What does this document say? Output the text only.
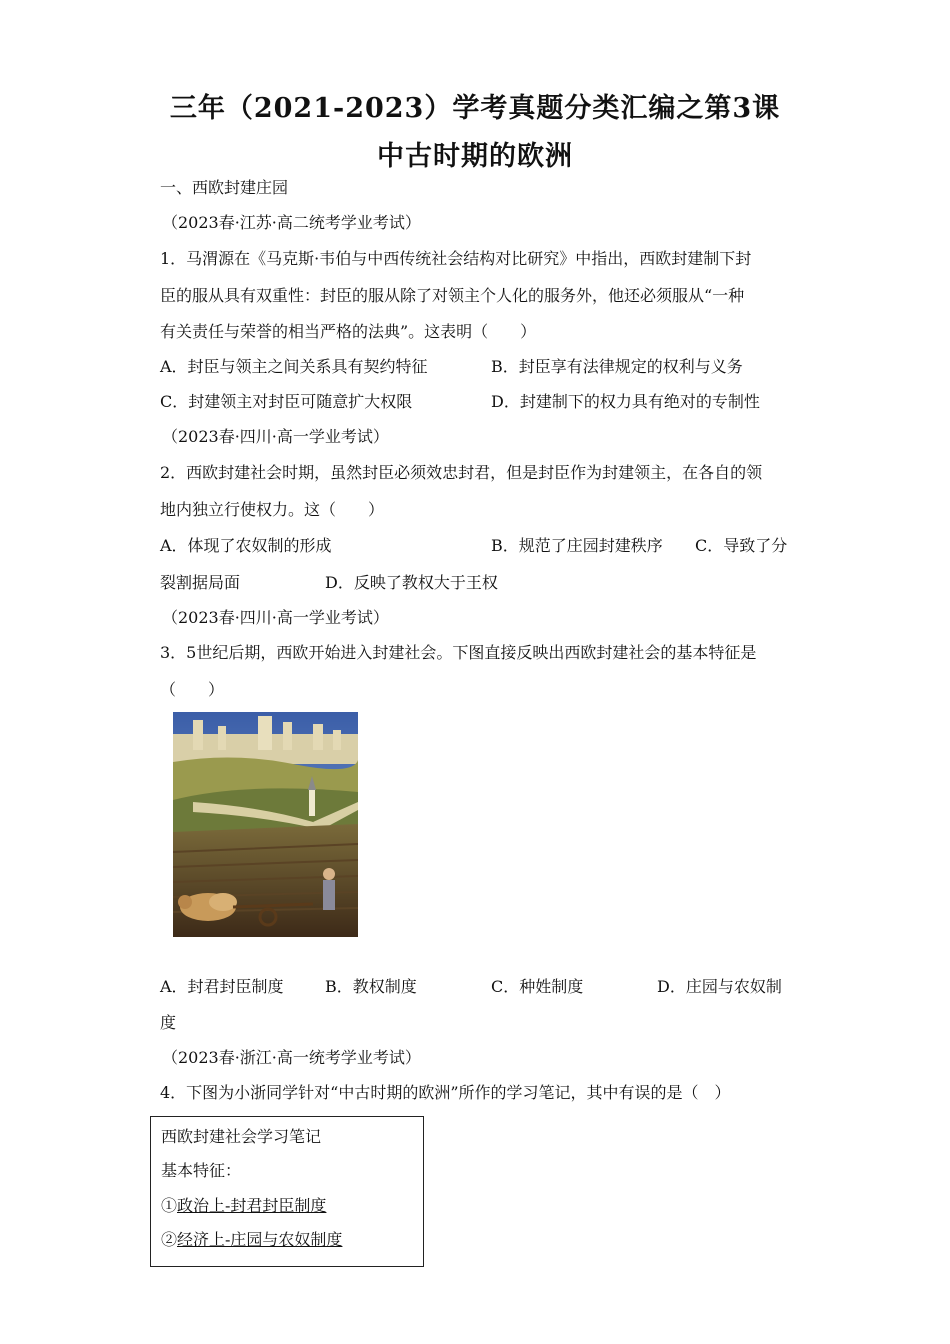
三年（2021-2023）学考真题分类汇编之第3课
中古时期的欧洲
一、西欧封建庄园
（2023春·江苏·高二统考学业考试）
1．马渭源在《马克斯·韦伯与中西传统社会结构对比研究》中指出，西欧封建制下封
臣的服从具有双重性：封臣的服从除了对领主个人化的服务外，他还必须服从“一种
有关责任与荣誉的相当严格的法典”。这表明（　　）
A．封臣与领主之间关系具有契约特征	B．封臣享有法律规定的权利与义务
C．封建领主对封臣可随意扩大权限	D．封建制下的权力具有绝对的专制性
（2023春·四川·高一学业考试）
2．西欧封建社会时期，虽然封臣必须效忠封君，但是封臣作为封建领主，在各自的领
地内独立行使权力。这（　　）
A．体现了农奴制的形成	B．规范了庄园封建秩序 C．导致了分
裂割据局面	D．反映了教权大于王权
（2023春·四川·高一学业考试）
3．5世纪后期，西欧开始进入封建社会。下图直接反映出西欧封建社会的基本特征是
（　　）
A．封君封臣制度	B．教权制度	C．种姓制度	D．庄园与农奴制
度
（2023春·浙江·高一统考学业考试）
4．下图为小浙同学针对“中古时期的欧洲”所作的学习笔记，其中有误的是（　）
西欧封建社会学习笔记
基本特征：
①政治上-封君封臣制度
②经济上-庄园与农奴制度
